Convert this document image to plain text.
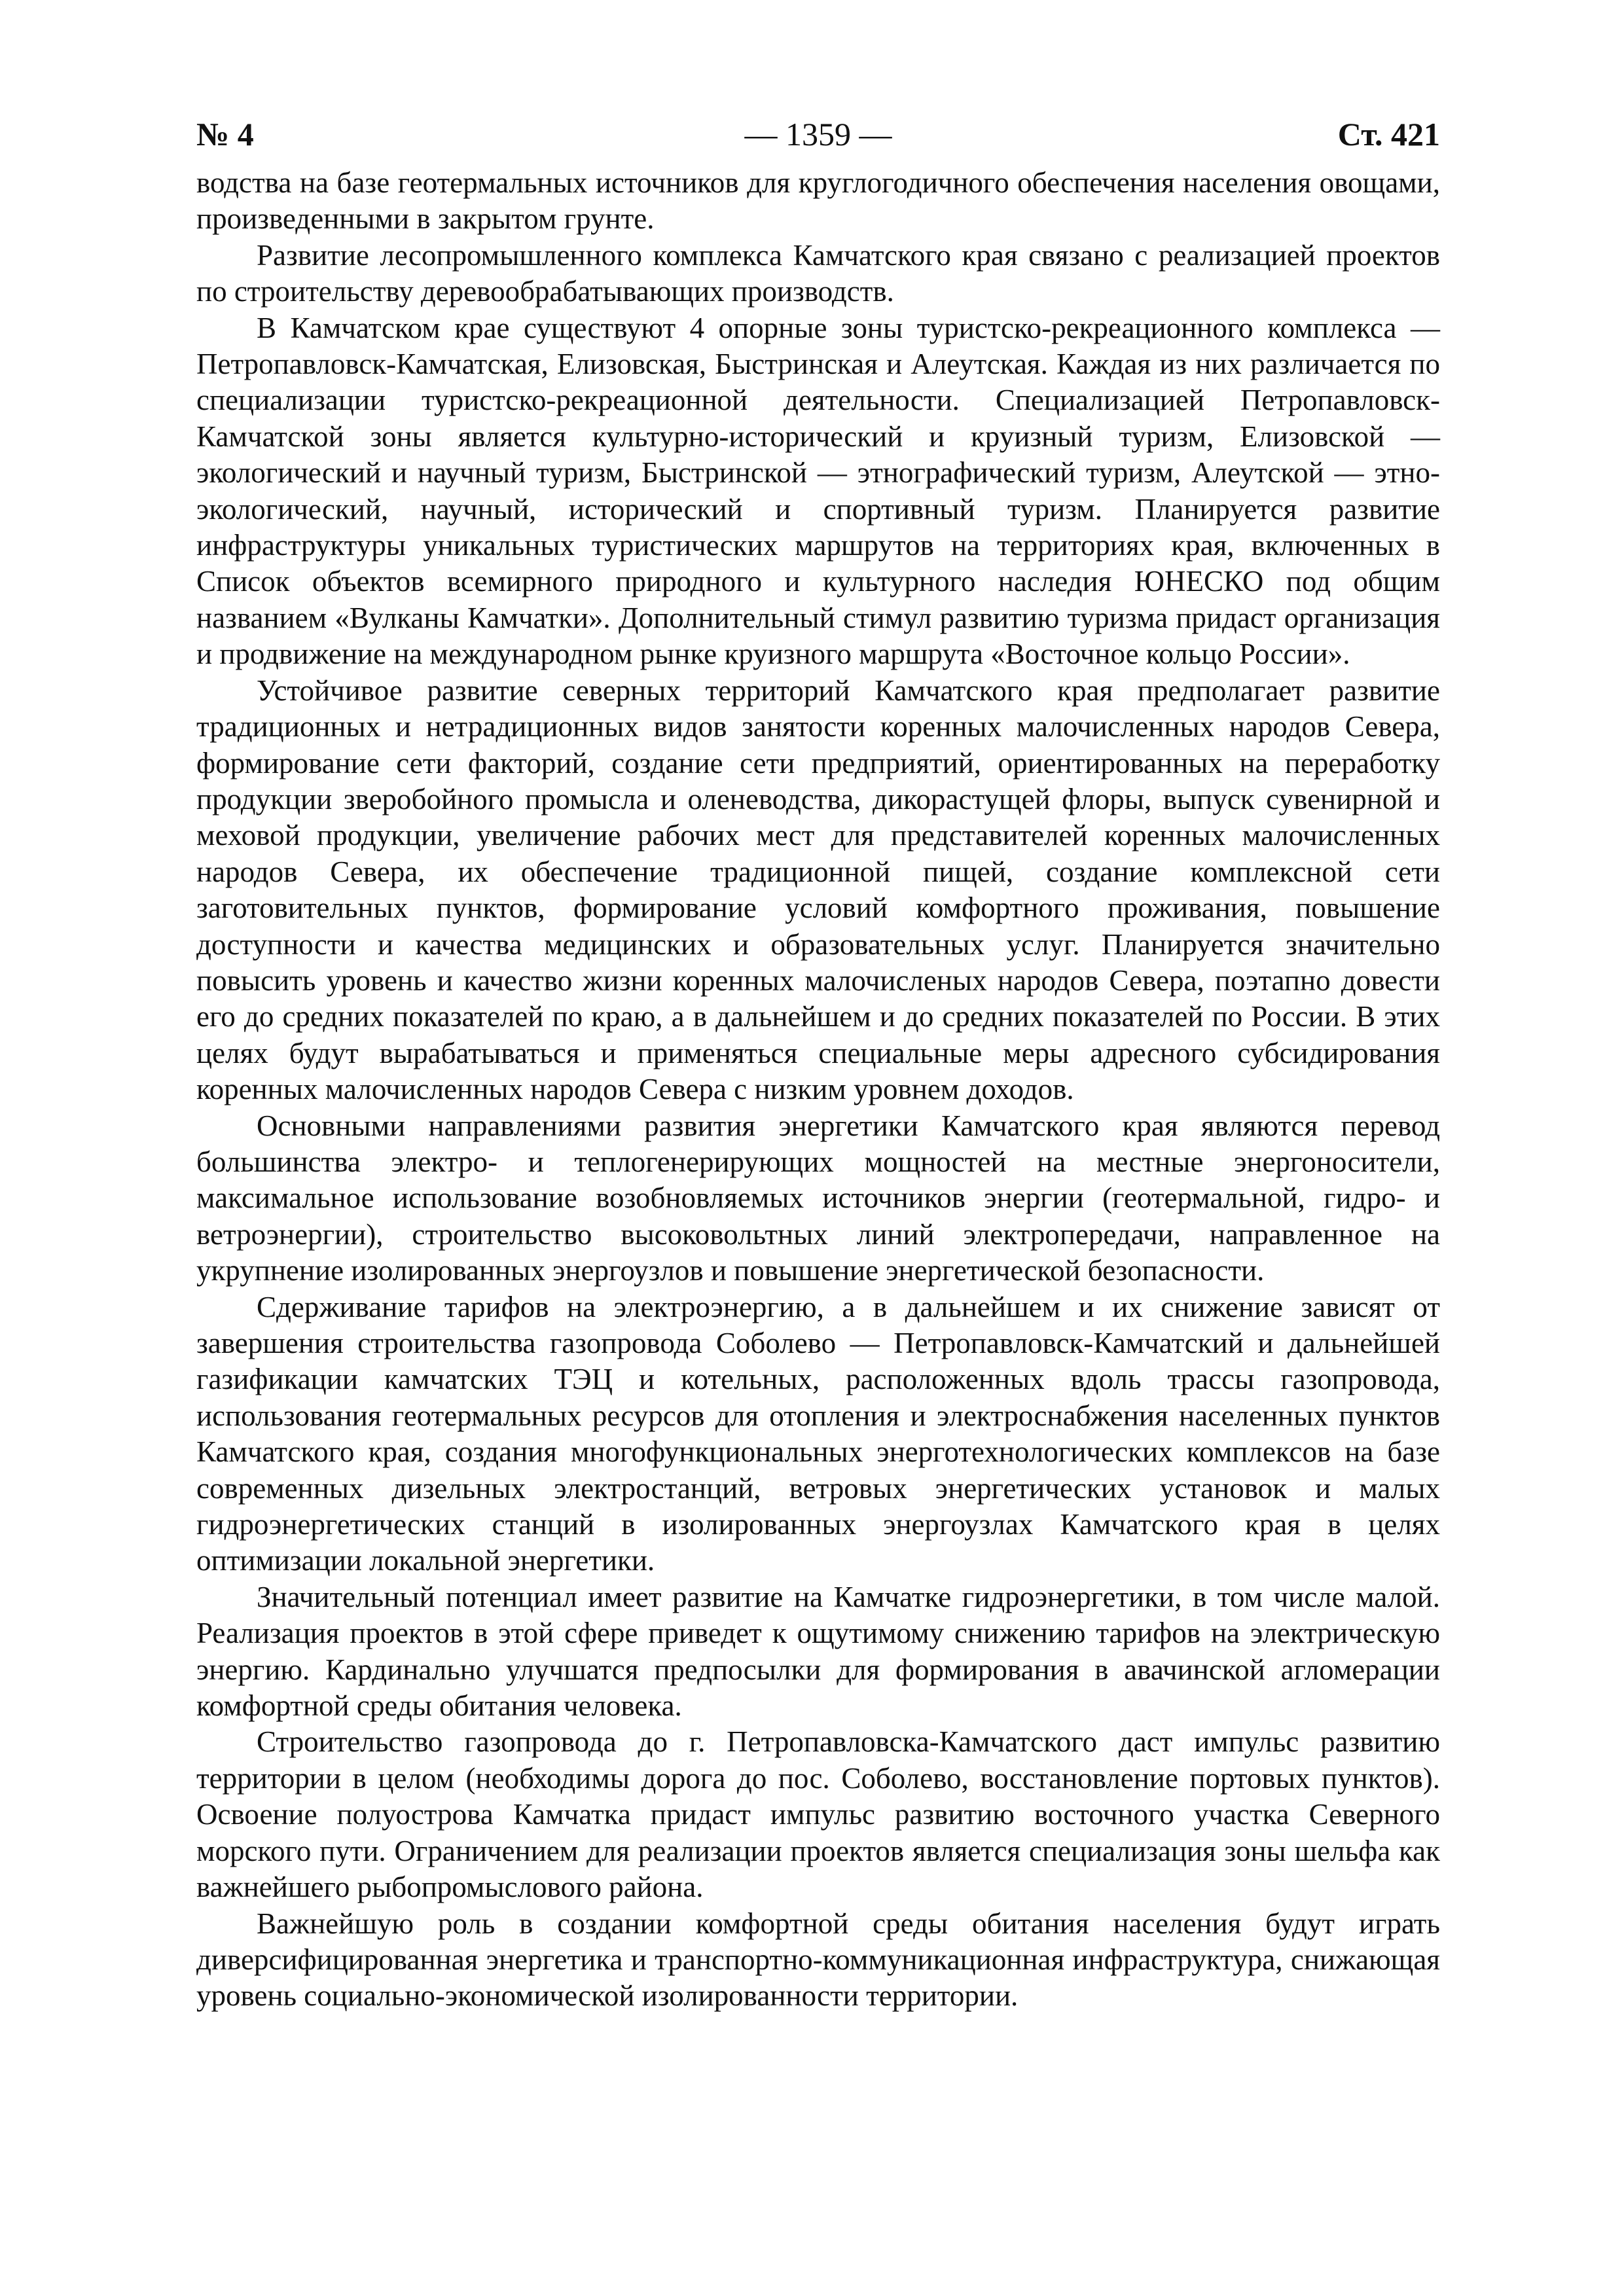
— 1359 —
№ 4	Ст. 421

водства на базе геотермальных источников для круглогодичного обеспечения населения овощами, произведенными в закрытом грунте.

Развитие лесопромышленного комплекса Камчатского края связано с реализацией проектов по строительству деревообрабатывающих производств.

В Камчатском крае существуют 4 опорные зоны туристско-рекреационного комплекса — Петропавловск-Камчатская, Елизовская, Быстринская и Алеутская. Каждая из них различается по специализации туристско-рекреационной деятельности. Специализацией Петропавловск-Камчатской зоны является культурно-исторический и круизный туризм, Елизовской — экологический и научный туризм, Быстринской — этнографический туризм, Алеутской — этно-экологический, научный, исторический и спортивный туризм. Планируется развитие инфраструктуры уникальных туристических маршрутов на территориях края, включенных в Список объектов всемирного природного и культурного наследия ЮНЕСКО под общим названием «Вулканы Камчатки». Дополнительный стимул развитию туризма придаст организация и продвижение на международном рынке круизного маршрута «Восточное кольцо России».

Устойчивое развитие северных территорий Камчатского края предполагает развитие традиционных и нетрадиционных видов занятости коренных малочисленных народов Севера, формирование сети факторий, создание сети предприятий, ориентированных на переработку продукции зверобойного промысла и оленеводства, дикорастущей флоры, выпуск сувенирной и меховой продукции, увеличение рабочих мест для представителей коренных малочисленных народов Севера, их обеспечение традиционной пищей, создание комплексной сети заготовительных пунктов, формирование условий комфортного проживания, повышение доступности и качества медицинских и образовательных услуг. Планируется значительно повысить уровень и качество жизни коренных малочисленых народов Севера, поэтапно довести его до средних показателей по краю, а в дальнейшем и до средних показателей по России. В этих целях будут вырабатываться и применяться специальные меры адресного субсидирования коренных малочисленных народов Севера с низким уровнем доходов.

Основными направлениями развития энергетики Камчатского края являются перевод большинства электро- и теплогенерирующих мощностей на местные энергоносители, максимальное использование возобновляемых источников энергии (геотермальной, гидро- и ветроэнергии), строительство высоковольтных линий электропередачи, направленное на укрупнение изолированных энергоузлов и повышение энергетической безопасности.

Сдерживание тарифов на электроэнергию, а в дальнейшем и их снижение зависят от завершения строительства газопровода Соболево — Петропавловск-Камчатский и дальнейшей газификации камчатских ТЭЦ и котельных, расположенных вдоль трассы газопровода, использования геотермальных ресурсов для отопления и электроснабжения населенных пунктов Камчатского края, создания многофункциональных энерготехнологических комплексов на базе современных дизельных электростанций, ветровых энергетических установок и малых гидроэнергетических станций в изолированных энергоузлах Камчатского края в целях оптимизации локальной энергетики.

Значительный потенциал имеет развитие на Камчатке гидроэнергетики, в том числе малой. Реализация проектов в этой сфере приведет к ощутимому снижению тарифов на электрическую энергию. Кардинально улучшатся предпосылки для формирования в авачинской агломерации комфортной среды обитания человека.

Строительство газопровода до г. Петропавловска-Камчатского даст импульс развитию территории в целом (необходимы дорога до пос. Соболево, восстановление портовых пунктов). Освоение полуострова Камчатка придаст импульс развитию восточного участка Северного морского пути. Ограничением для реализации проектов является специализация зоны шельфа как важнейшего рыбопромыслового района.

Важнейшую роль в создании комфортной среды обитания населения будут играть диверсифицированная энергетика и транспортно-коммуникационная инфраструктура, снижающая уровень социально-экономической изолированности территории.
